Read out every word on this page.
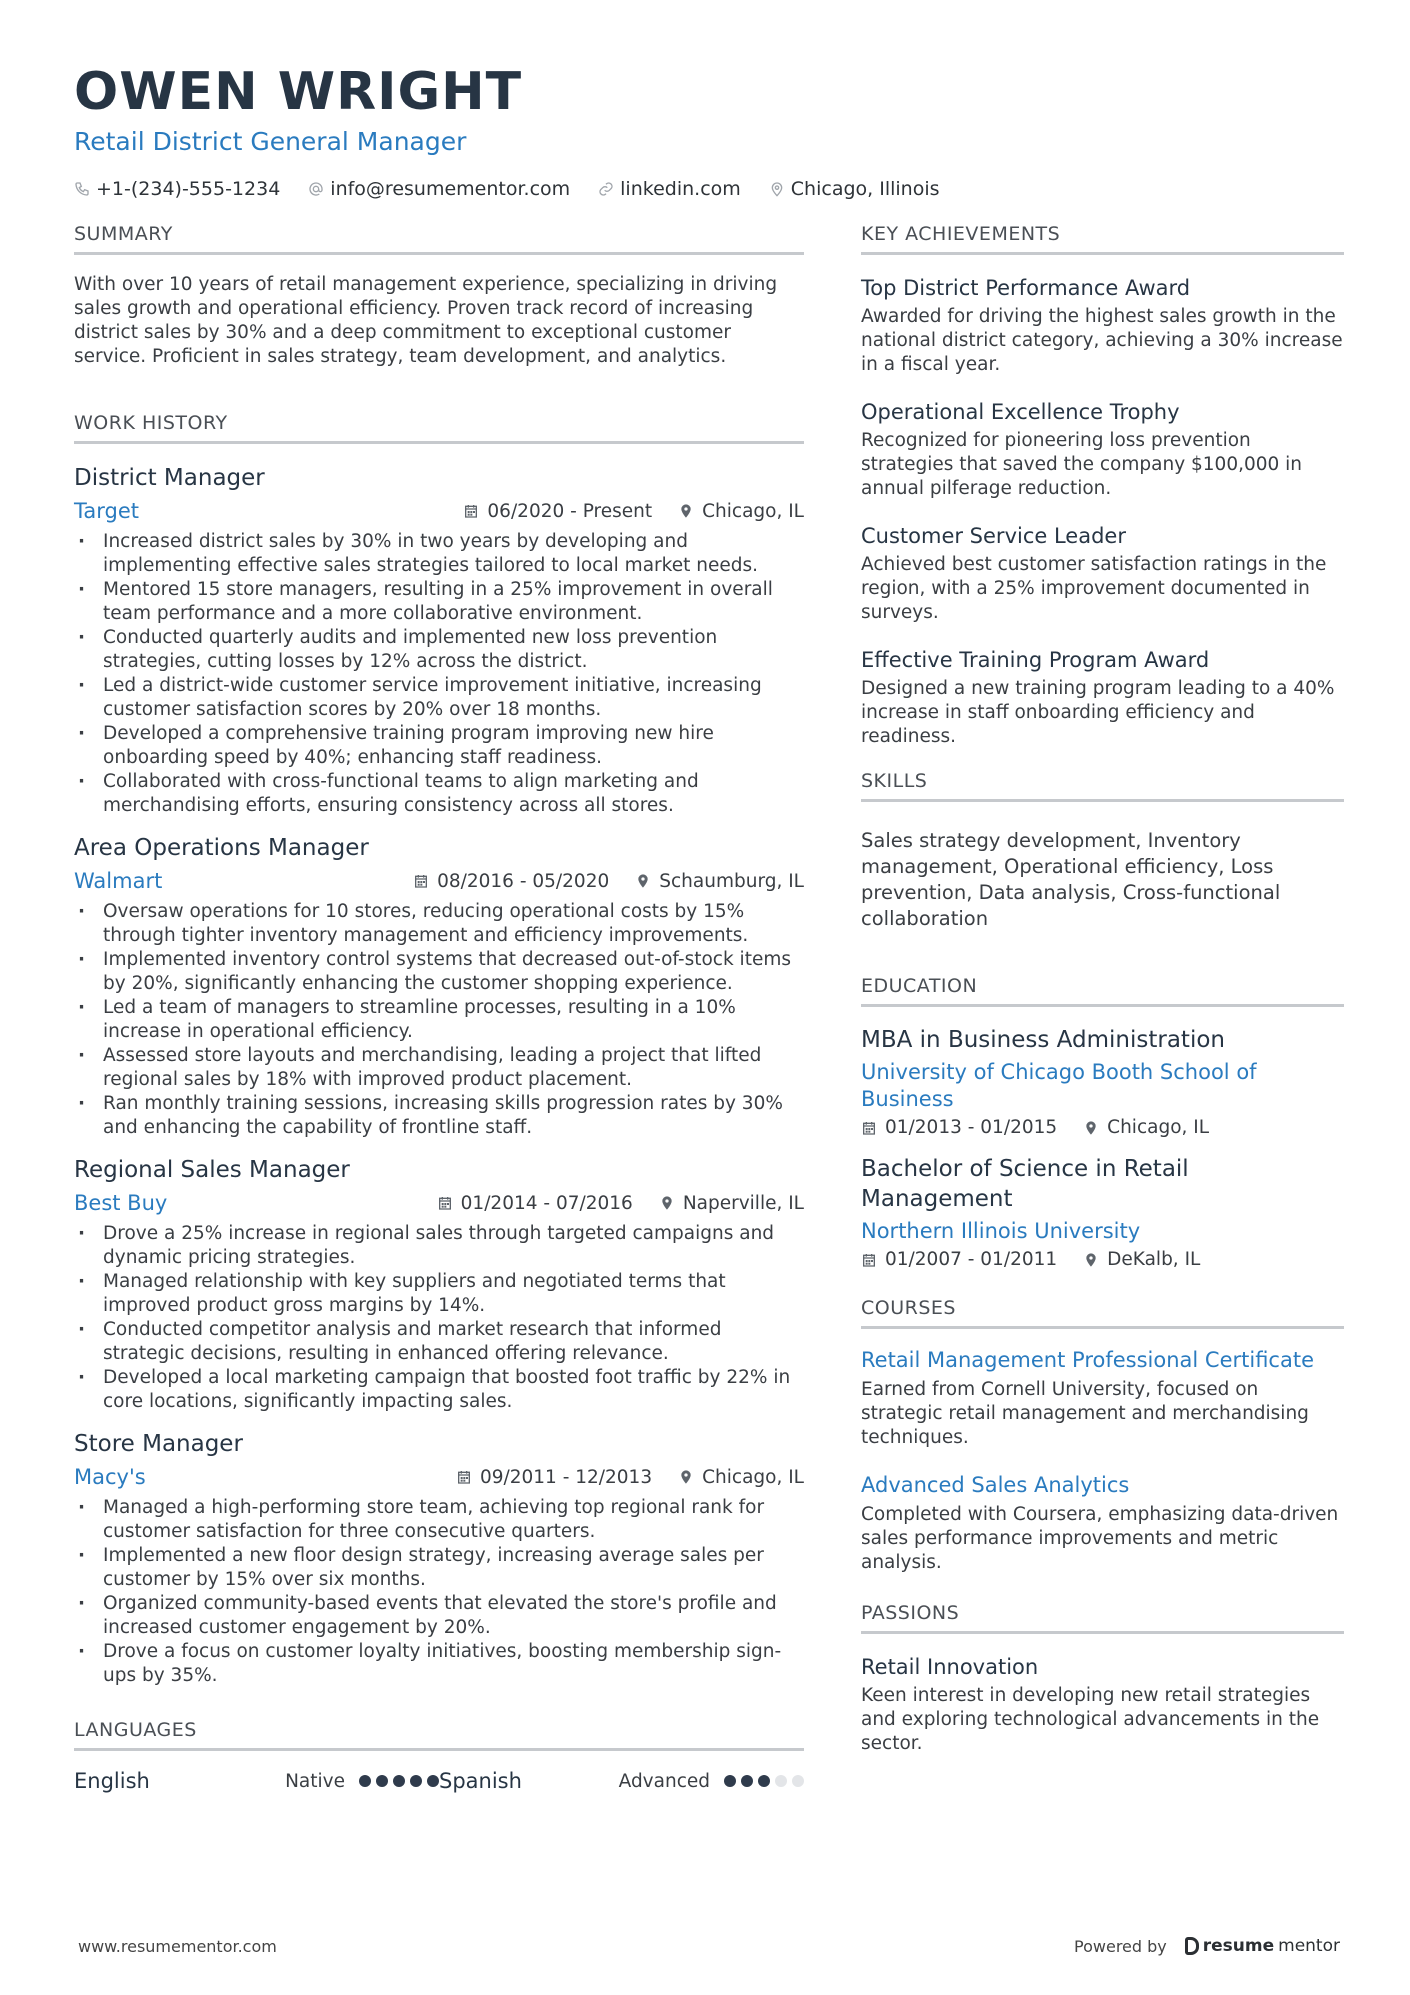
OWEN WRIGHT
Retail District General Manager
+1-(234)-555-1234	info@resumementor.com	linkedin.com	Chicago, Illinois
SUMMARY
With over 10 years of retail management experience, specializing in driving sales growth and operational efficiency. Proven track record of increasing district sales by 30% and a deep commitment to exceptional customer service. Proficient in sales strategy, team development, and analytics.
WORK HISTORY
District Manager
Target	06/2020 - Present	Chicago, IL
· Increased district sales by 30% in two years by developing and implementing effective sales strategies tailored to local market needs.
· Mentored 15 store managers, resulting in a 25% improvement in overall team performance and a more collaborative environment.
· Conducted quarterly audits and implemented new loss prevention strategies, cutting losses by 12% across the district.
· Led a district-wide customer service improvement initiative, increasing customer satisfaction scores by 20% over 18 months.
· Developed a comprehensive training program improving new hire onboarding speed by 40%; enhancing staff readiness.
· Collaborated with cross-functional teams to align marketing and merchandising efforts, ensuring consistency across all stores.
Area Operations Manager
Walmart	08/2016 - 05/2020	Schaumburg, IL
· Oversaw operations for 10 stores, reducing operational costs by 15% through tighter inventory management and efficiency improvements.
· Implemented inventory control systems that decreased out-of-stock items by 20%, significantly enhancing the customer shopping experience.
· Led a team of managers to streamline processes, resulting in a 10% increase in operational efficiency.
· Assessed store layouts and merchandising, leading a project that lifted regional sales by 18% with improved product placement.
· Ran monthly training sessions, increasing skills progression rates by 30% and enhancing the capability of frontline staff.
Regional Sales Manager
Best Buy	01/2014 - 07/2016	Naperville, IL
· Drove a 25% increase in regional sales through targeted campaigns and dynamic pricing strategies.
· Managed relationship with key suppliers and negotiated terms that improved product gross margins by 14%.
· Conducted competitor analysis and market research that informed strategic decisions, resulting in enhanced offering relevance.
· Developed a local marketing campaign that boosted foot traffic by 22% in core locations, significantly impacting sales.
Store Manager
Macy's	09/2011 - 12/2013	Chicago, IL
· Managed a high-performing store team, achieving top regional rank for customer satisfaction for three consecutive quarters.
· Implemented a new floor design strategy, increasing average sales per customer by 15% over six months.
· Organized community-based events that elevated the store's profile and increased customer engagement by 20%.
· Drove a focus on customer loyalty initiatives, boosting membership sign-ups by 35%.
LANGUAGES
English	Native	Spanish	Advanced
KEY ACHIEVEMENTS
Top District Performance Award
Awarded for driving the highest sales growth in the national district category, achieving a 30% increase in a fiscal year.
Operational Excellence Trophy
Recognized for pioneering loss prevention strategies that saved the company $100,000 in annual pilferage reduction.
Customer Service Leader
Achieved best customer satisfaction ratings in the region, with a 25% improvement documented in surveys.
Effective Training Program Award
Designed a new training program leading to a 40% increase in staff onboarding efficiency and readiness.
SKILLS
Sales strategy development, Inventory management, Operational efficiency, Loss prevention, Data analysis, Cross-functional collaboration
EDUCATION
MBA in Business Administration
University of Chicago Booth School of Business
01/2013 - 01/2015	Chicago, IL
Bachelor of Science in Retail Management
Northern Illinois University
01/2007 - 01/2011	DeKalb, IL
COURSES
Retail Management Professional Certificate
Earned from Cornell University, focused on strategic retail management and merchandising techniques.
Advanced Sales Analytics
Completed with Coursera, emphasizing data-driven sales performance improvements and metric analysis.
PASSIONS
Retail Innovation
Keen interest in developing new retail strategies and exploring technological advancements in the sector.
www.resumementor.com	Powered by resume mentor
